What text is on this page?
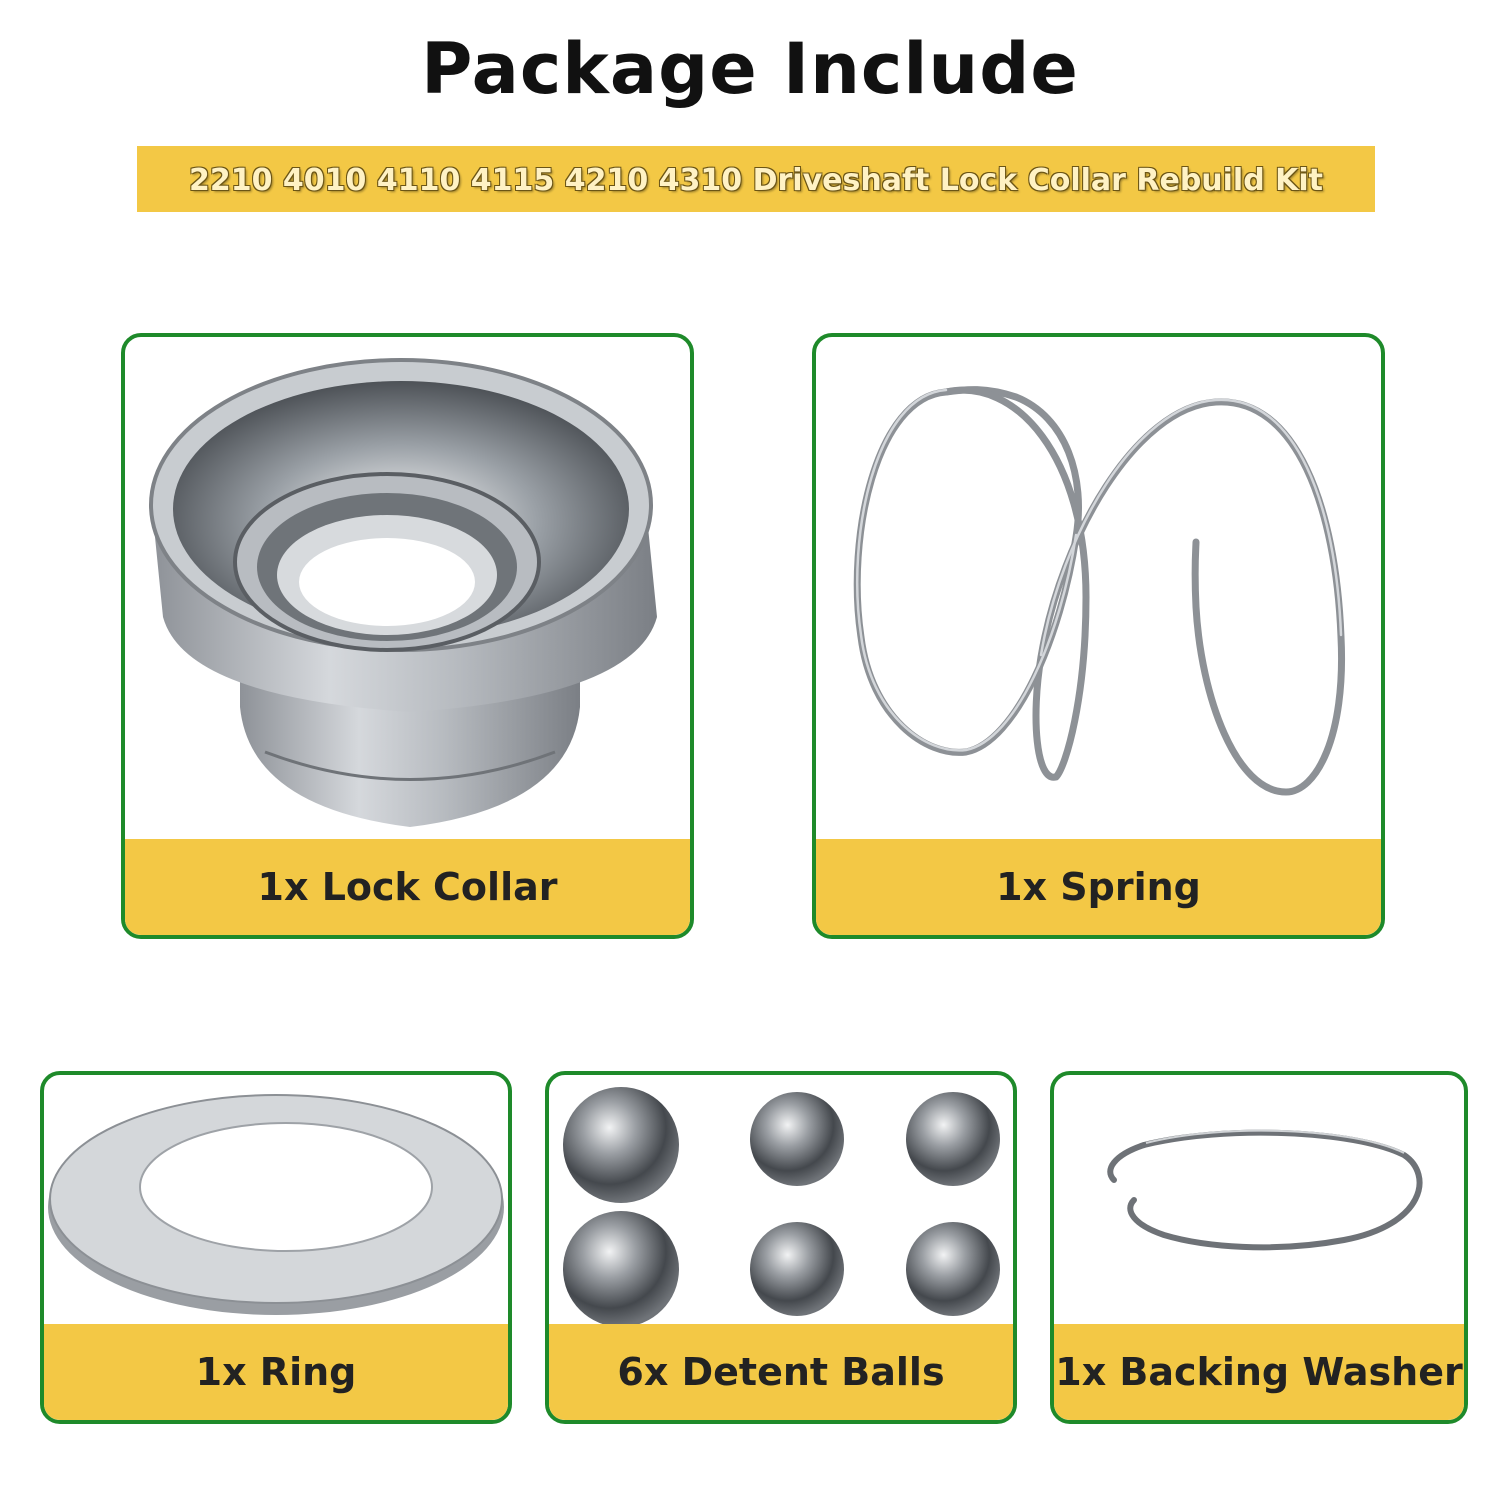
Package Include
2210 4010 4110 4115 4210 4310 Driveshaft Lock Collar Rebuild Kit
1x Lock Collar	1x Spring
1x Ring	6x Detent Balls	1x Backing Washer
